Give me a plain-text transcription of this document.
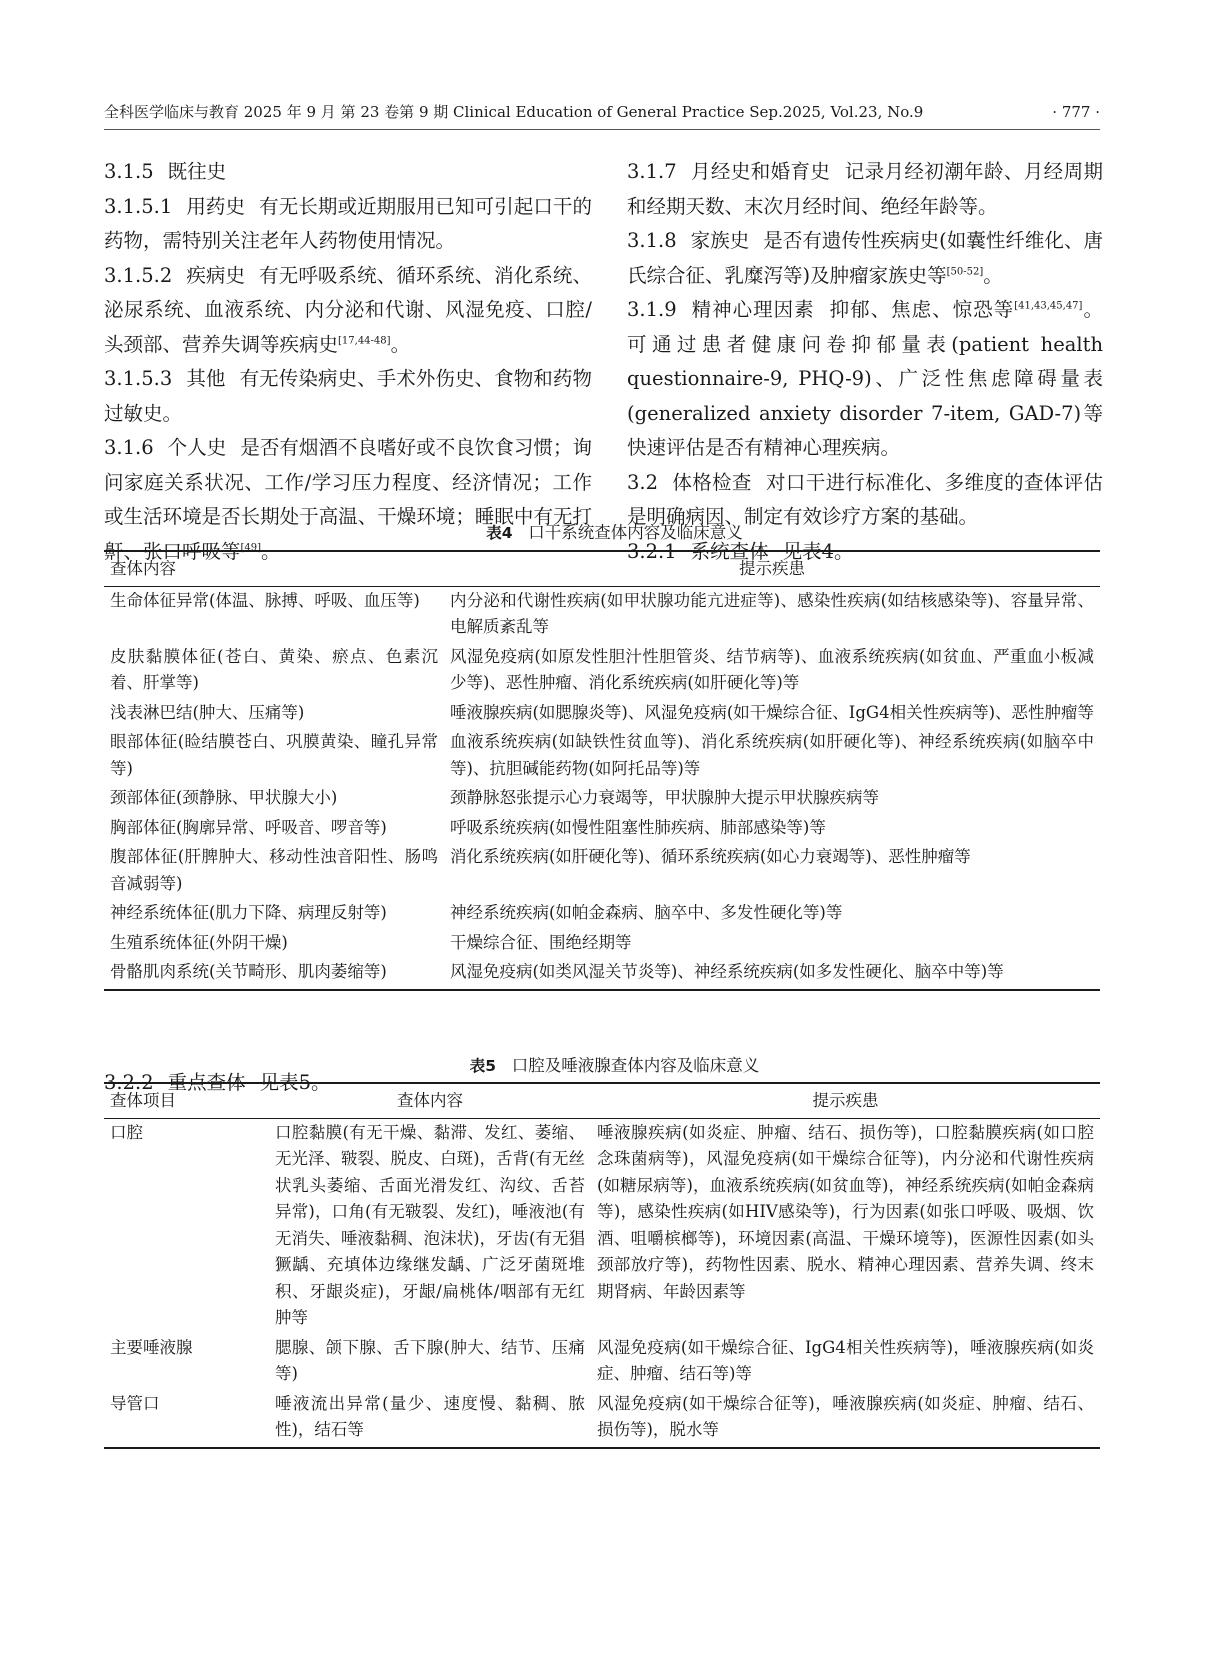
全科医学临床与教育 2025 年 9 月 第 23 卷第 9 期 Clinical Education of General Practice Sep.2025, Vol.23, No.9	· 777 ·

3.1.5 既往史

3.1.5.1 用药史 有无长期或近期服用已知可引起口干的药物，需特别关注老年人药物使用情况。

3.1.5.2 疾病史 有无呼吸系统、循环系统、消化系统、泌尿系统、血液系统、内分泌和代谢、风湿免疫、口腔/头颈部、营养失调等疾病史[17,44-48]。

3.1.5.3 其他 有无传染病史、手术外伤史、食物和药物过敏史。

3.1.6 个人史 是否有烟酒不良嗜好或不良饮食习惯；询问家庭关系状况、工作/学习压力程度、经济情况；工作或生活环境是否长期处于高温、干燥环境；睡眠中有无打鼾、张口呼吸等[49]。

3.1.7 月经史和婚育史 记录月经初潮年龄、月经周期和经期天数、末次月经时间、绝经年龄等。

3.1.8 家族史 是否有遗传性疾病史(如囊性纤维化、唐氏综合征、乳糜泻等)及肿瘤家族史等[50-52]。

3.1.9 精神心理因素 抑郁、焦虑、惊恐等[41,43,45,47]。可通过患者健康问卷抑郁量表(patient health questionnaire-9, PHQ-9)、广泛性焦虑障碍量表(generalized anxiety disorder 7-item, GAD-7)等快速评估是否有精神心理疾病。

3.2 体格检查 对口干进行标准化、多维度的查体评估是明确病因、制定有效诊疗方案的基础。

3.2.1 系统查体 见表4。

表4 口干系统查体内容及临床意义
查体内容	提示疾患
生命体征异常(体温、脉搏、呼吸、血压等)	内分泌和代谢性疾病(如甲状腺功能亢进症等)、感染性疾病(如结核感染等)、容量异常、电解质紊乱等
皮肤黏膜体征(苍白、黄染、瘀点、色素沉着、肝掌等)	风湿免疫病(如原发性胆汁性胆管炎、结节病等)、血液系统疾病(如贫血、严重血小板减少等)、恶性肿瘤、消化系统疾病(如肝硬化等)等
浅表淋巴结(肿大、压痛等)	唾液腺疾病(如腮腺炎等)、风湿免疫病(如干燥综合征、IgG4相关性疾病等)、恶性肿瘤等
眼部体征(睑结膜苍白、巩膜黄染、瞳孔异常等)	血液系统疾病(如缺铁性贫血等)、消化系统疾病(如肝硬化等)、神经系统疾病(如脑卒中等)、抗胆碱能药物(如阿托品等)等
颈部体征(颈静脉、甲状腺大小)	颈静脉怒张提示心力衰竭等，甲状腺肿大提示甲状腺疾病等
胸部体征(胸廓异常、呼吸音、啰音等)	呼吸系统疾病(如慢性阻塞性肺疾病、肺部感染等)等
腹部体征(肝脾肿大、移动性浊音阳性、肠鸣音减弱等)	消化系统疾病(如肝硬化等)、循环系统疾病(如心力衰竭等)、恶性肿瘤等
神经系统体征(肌力下降、病理反射等)	神经系统疾病(如帕金森病、脑卒中、多发性硬化等)等
生殖系统体征(外阴干燥)	干燥综合征、围绝经期等
骨骼肌肉系统(关节畸形、肌肉萎缩等)	风湿免疫病(如类风湿关节炎等)、神经系统疾病(如多发性硬化、脑卒中等)等
3.2.2 重点查体 见表5。
表5 口腔及唾液腺查体内容及临床意义
查体项目	查体内容	提示疾患
口腔	口腔黏膜(有无干燥、黏滞、发红、萎缩、无光泽、皲裂、脱皮、白斑)，舌背(有无丝状乳头萎缩、舌面光滑发红、沟纹、舌苔异常)，口角(有无皲裂、发红)，唾液池(有无消失、唾液黏稠、泡沫状)，牙齿(有无猖獗龋、充填体边缘继发龋、广泛牙菌斑堆积、牙龈炎症)，牙龈/扁桃体/咽部有无红肿等	唾液腺疾病(如炎症、肿瘤、结石、损伤等)，口腔黏膜疾病(如口腔念珠菌病等)，风湿免疫病(如干燥综合征等)，内分泌和代谢性疾病(如糖尿病等)，血液系统疾病(如贫血等)，神经系统疾病(如帕金森病等)，感染性疾病(如HIV感染等)，行为因素(如张口呼吸、吸烟、饮酒、咀嚼槟榔等)，环境因素(高温、干燥环境等)，医源性因素(如头颈部放疗等)，药物性因素、脱水、精神心理因素、营养失调、终末期肾病、年龄因素等
主要唾液腺	腮腺、颌下腺、舌下腺(肿大、结节、压痛等)	风湿免疫病(如干燥综合征、IgG4相关性疾病等)，唾液腺疾病(如炎症、肿瘤、结石等)等
导管口	唾液流出异常(量少、速度慢、黏稠、脓性)，结石等	风湿免疫病(如干燥综合征等)，唾液腺疾病(如炎症、肿瘤、结石、损伤等)，脱水等
